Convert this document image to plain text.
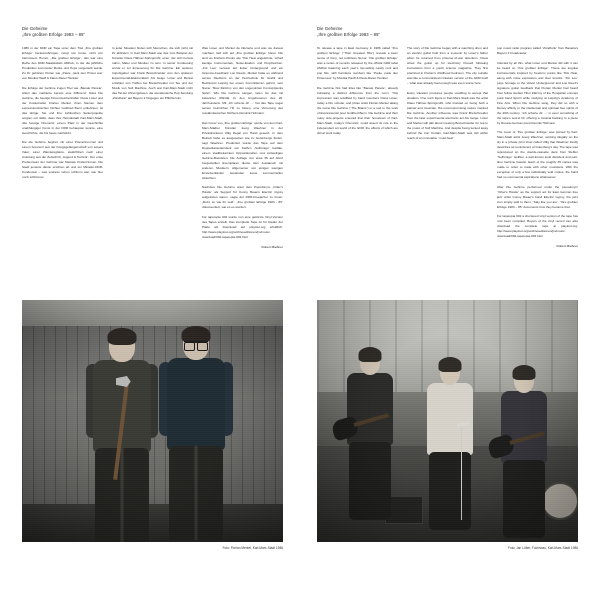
Die Geheime
„Ihre großten Erfolge 1983 – 85“

1986 in der DDR ein Tape unter dem Titel „Ihre großten Erfolge“ herauszubringen, zeugt von Ironie, nicht von harmlosem Humor. „Die großten Erfolge“, das war eine Reihe des DDR-Staatslabels AMIGA, in der die jährliche Produktion kommoder Rocks und Pops vorgestellt wurde. Zu ihr gehörten Perlen wie „Paule, pack den Pinsel aus“ von Monika Hauff & Klaus-Dieter Henkler.

Die Erfolge der Gehirne trugen Titel wie „Banale Panele“. Allein das markierte bereits eine Differenz: Dass Die Gehirne, die heutige Firmenzeichenhafter Claus Löser und der Fotokünstler Florian Merkel, ihren Namen dem expressionistischen Dichter Gottfried Benn entlehnten, ist das übrige. Sie und ihre zahlreichen Seitenprojekte sorgten mit dafür, dass ihre Heimatstadt Karl-Marx-Stadt, das heutige Chemnitz, einem Platz in der Geschichte unabhängiger Kunst in der DDR behaupten konnte, eine Geschichte, die bis heute nachwirkt.

Die die Gehirne beginnt mit einer Pioniertrommel und einem Souvenir aus der Kriegsgefangenschaft von Lösers Vater; einer Wanderegitarre, elektrifiziert nach einer Anleitung aus der Zeitschrift „Jugend & Technik“. Der erste Probenraum der Gehirne war Merkels Kinderzimmer. Die Stadt jenseits davon erschien ab und ein Miniatur-DDR-Kondensat – was sowieso schon schlimm war, war hier noch schlimmer.

In jeder Situation finden sich Menschen, die sich nicht mit ihr abfinden. In Karl-Marx-Stadt war das zum Beispiel der Künstler Klaus Hähner-Springmühl, einer, der sich heraus nahm, Maler und Musiker zu sein. In seiner Umdeutung wurde er zur Erneuerung für Die Gehirne. Ein weiterer Impulsgeber war Frank Bretschneider vom den späteren Experimental-Elektronikern AG Geige. Löser und Merkel erzählen von Treffen bei Bretschneider mit Tee und der Musik von Soft Machine. Auch war Karl-Marx-Stadt nicht das Tal der Ahnungslosen, die westdeutsche Pop-Sendung „Zündfunk“ auf Bayern 2 hingegen ein Pflichtermin.

Was Löser und Merkel da inferierte und was sie daraus machten, ließ sich auf „Ihre großten Erfolge“ hören. Die sind an Freiform-Punks wie This Heat angelehnte, scharf kantige Instrumentals, Noise-Etuden und Klopfzeichen. „Für Lau“ verwest auf lieber Underground und ein Grammo-Feedback Lou Reeds. Merkel hatte es während seines Studiums an der Hochschule für Grafik und Buchkunst Leipzig bei einem Kommilitonen gehört, sein Name: Tilow Zärtzmy von den ungenutzten Konzeptpunks Spörri. Wie Die Gehirne sangen, taten sie das mit bekannter Affinität zu den Ungeheueren des 20. Jahrhunderts. Mit „Ich scherte dir ...“ hat das Tape sogar seinen heimlichen Hit zu bieten, eine Vertonung des russländeutschen Dichters Dominik Hofmann.

Das Cover von „Ihre großten Erfolge“ wurde von dem Karl-Marx-Städter Künstler Joerg Waehner in der Privatdruckerei Uflig illegal von Hand gesetzt. In dem Betrieb habe es ausgesehen wie zu Gutenbergs Zeiten, sagt Waehner. Produziert wurde das Tape auf dem Doppelkassettendeck von Steffen „Sulfsmigo“ Geißler, einem stadtbekannten Oppositionellen und zeitweiligen Gehirne-Bassisten. Die Auflage von etwa 35 auf Abruf hergestellten Exemplaren diente dem Austausch mit anderen Musikern. Allgemeiner von einigen wenigen Einzelverkäufen bestanden keine kommerziellen Absichten.

Nachdem Die Gehirne unter dem Pseudonym „Orlac’s Hände“ als Support für Conny Bauers Electric Gypsy aufgetreten waren, sagte der DDR-Freejazzer zu ihnen: „Rebt, so wie ihr seid“. „Ihre großten Erfolge 1983 - 85“ dokumentiert, wie es es wurden.

Für tapetopia 002 wurde nun eine geliörzte Vinyl-Version des Tapes erstellt. Das komplette Tape ist für Käufer der Platte als Download auf playlout.org erhältlich: http://www.playlout.org/archiveeditionen/jm/music-download/002-tapetopia-002.html

Robert Mießner

Die Geheime
„Ihre großten Erfolge 1983 – 85“

To release a tape in East Germany in 1986 called “Ihre großten Erfolge“ (“Their Greatest Hits“) reveals a keen sense of irony, not toothless humor. “Die großten Erfolge“ was a series of records released by the official GDR label AMIGA featuring each year’s top-selling candy rock and pop hits, with harmless numbers like “Paule, pack den Pinsel aus“ by Monika Hauff & Klaus-Dieter Henkler.

Die Gehirne hits had titles like “Banale Panele“, already indicating a distinct difference from the norm. This impression was solidified by band members Claus Löser, today a film scholar, and photo artist Florian Merkel taking the name Die Gehirne (“The Brains“) in a nod to the work of Expressionist poet Gottfried Benn. Die Gehirne and their many side-projects ensured that their hometown of Karl-Marx-Stadt, today’s Chemnitz, could assert its role in the independent art world of the GDR, the effects of which are still at work today.

The story of Die Gehirne began with a marching drum and an electric guitar built from a souvenir by Löser’s father when he returned from prisoner-of-war detention. Claus wired the guitar up for electricity himself following instructions from a youth science magazine. They first practiced in Florian’s childhood bedroom. The city outside was like a concentrated miniature version of the GDR itself – what was already bad enough was even worse here.

Every situation produces people unwilling to accept that situation. One such figure in Karl-Marx-Stadt was the artist Klaus Hähner-Springmühl, who insisted on being both a painter and musician. His uncompromising nature inspired Die Gehirne. Another influence was Frank Bretschneider from the later experimental electronic act AG Geige. Löser and Merkel still talk about meeting Bretschneider for tea to the music of Soft Machine. And despite being tucked away behind the Iron Curtain, Karl-Marx-Stadt was still within reach of an innovative “must-hear“

pop music radio program called “Zündfunk“ from Bavaria’s Bayern 2 broadcaster.

Infected by all this, what Löser und Merkel did with it can be heard on “Ihre großten Erfolge“. These are angular instrumentals inspired by freeform punks like This Heat, along with noise explosions and door knocks. “Für Lou“ pays homage to the Velvet Underground and Lou Reed’s signature guitar feedback that Florian Merkel had heard from fellow student Tibor Zätrzny of the Hungarian concept punk band Spörri while studying at Leipzig’s Academy of Fine Arts. When Die Gehirne sang, they did so with a literary affinity to the intellectual and spiritual free spirits of the 20th century. “Ich scherte dir ...“ is even something of the tape’s secret hit, offering a musical backing to a piece by Russia-German poet Dominik Hofmann.

The cover of “Ihre großten Erfolge“ was printed by Karl-Marx-Stadt artist Joerg Waehner, working illegally on the sly in a private print shop called Uflig that Waehner fondly describes as reminiscent of Gutenberg’s day. The tape was reproduced on the double-cassette deck from Steffen “Sulfsmigo“ Geißler, a well-known local dissident and part-time Gehirne bassist. Each of the roughly 35 copies was made to order to trade with other musicians. With the exception of only a few individually sold copies, the band had no commercial aspirations whatsoever.

After Die Gehirne performed under the pseudonym “Orlac’s Hände“ as the support act for East German free jazz artist Conny Bauer’s band Electric Gypsy, the jazz icon simply said to them, “Stay like you are“. “Ihre großten Erfolge 1983 – 85“ documents how they became that.

For tapetopia 002 a shortened vinyl version of the tape has now been compiled. Buyers of the vinyl record can also download the complete tape at playlout.org: http://www.playlout.org/archiveeditionen/jm/music-download/002-tapetopia-002.html

Robert Mießner

Foto: Florian Merkel, Karl-Marx-Stadt 1986	Foto: Jan Löber, Fuchsbau, Karl-Marx-Stadt 1986
